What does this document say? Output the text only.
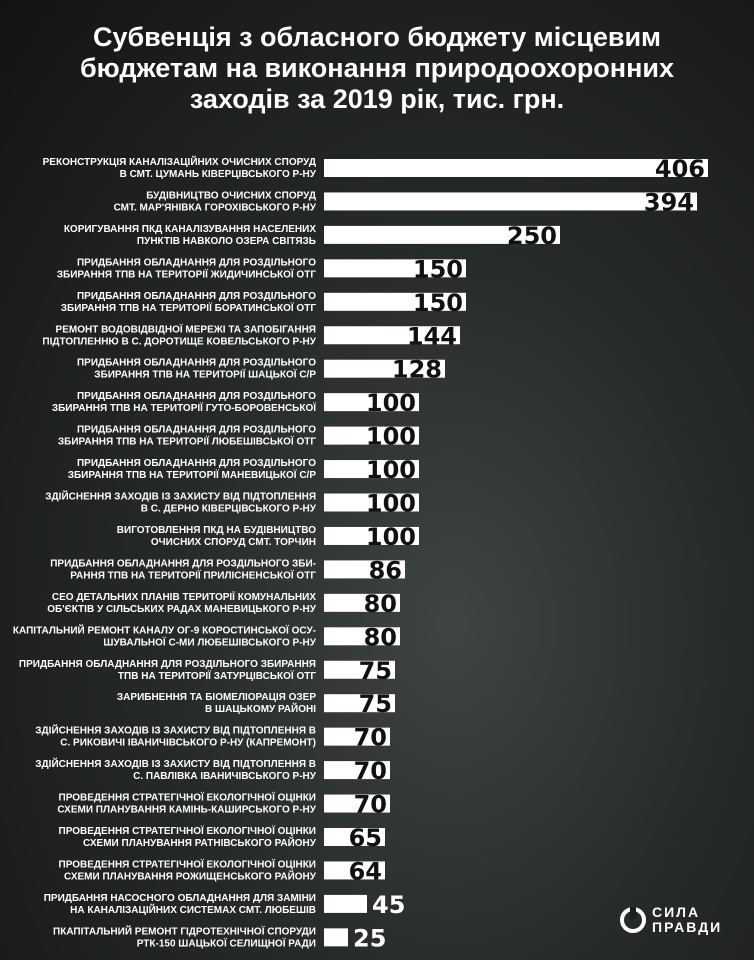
Субвенція з обласного бюджету місцевим
бюджетам на виконання природоохоронних
заходів за 2019 рік, тис. грн.
РЕКОНСТРУКЦІЯ КАНАЛІЗАЦІЙНИХ ОЧИСНИХ СПОРУД
В СМТ. ЦУМАНЬ КІВЕРЦІВСЬКОГО Р-НУ	406
БУДІВНИЦТВО ОЧИСНИХ СПОРУД
СМТ. МАР'ЯНІВКА ГОРОХІВСЬКОГО Р-НУ	394
КОРИГУВАННЯ ПКД КАНАЛІЗУВАННЯ НАСЕЛЕНИХ
ПУНКТІВ НАВКОЛО ОЗЕРА СВІТЯЗЬ	250
ПРИДБАННЯ ОБЛАДНАННЯ ДЛЯ РОЗДІЛЬНОГО
ЗБИРАННЯ ТПВ НА ТЕРИТОРІЇ ЖИДИЧИНСЬКОЇ ОТГ	150
ПРИДБАННЯ ОБЛАДНАННЯ ДЛЯ РОЗДІЛЬНОГО
ЗБИРАННЯ ТПВ НА ТЕРИТОРІЇ БОРАТИНСЬКОЇ ОТГ	150
РЕМОНТ ВОДОВІДВІДНОЇ МЕРЕЖІ ТА ЗАПОБІГАННЯ
ПІДТОПЛЕННЮ В С. ДОРОТИЩЕ КОВЕЛЬСЬКОГО Р-НУ	144
ПРИДБАННЯ ОБЛАДНАННЯ ДЛЯ РОЗДІЛЬНОГО
ЗБИРАННЯ ТПВ НА ТЕРИТОРІЇ ШАЦЬКОЇ С/Р	128
ПРИДБАННЯ ОБЛАДНАННЯ ДЛЯ РОЗДІЛЬНОГО
ЗБИРАННЯ ТПВ НА ТЕРИТОРІЇ ГУТО-БОРОВЕНСЬКОЇ 100
ПРИДБАННЯ ОБЛАДНАННЯ ДЛЯ РОЗДІЛЬНОГО
ЗБИРАННЯ ТПВ НА ТЕРИТОРІЇ ЛЮБЕШІВСЬКОЇ ОТГ 100
ПРИДБАННЯ ОБЛАДНАННЯ ДЛЯ РОЗДІЛЬНОГО
ЗБИРАННЯ ТПВ НА ТЕРИТОРІЇ МАНЕВИЦЬКОЇ С/Р 100
ЗДІЙСНЕННЯ ЗАХОДІВ ІЗ ЗАХИСТУ ВІД ПІДТОПЛЕННЯ
В С. ДЕРНО КІВЕРЦІВСЬКОГО Р-НУ 100
ВИГОТОВЛЕННЯ ПКД НА БУДІВНИЦТВО
ОЧИСНИХ СПОРУД СМТ. ТОРЧИН 100
ПРИДБАННЯ ОБЛАДНАННЯ ДЛЯ РОЗДІЛЬНОГО ЗБИ-
РАННЯ ТПВ НА ТЕРИТОРІЇ ПРИЛІСНЕНСЬКОЇ ОТГ 86
СЕО ДЕТАЛЬНИХ ПЛАНІВ ТЕРИТОРІЇ КОМУНАЛЬНИХ
ОБ'ЄКТІВ У СІЛЬСЬКИХ РАДАХ МАНЕВИЦЬКОГО Р-НУ 80
КАПІТАЛЬНИЙ РЕМОНТ КАНАЛУ ОГ-9 КОРОСТИНСЬКОЇ ОСУ-
ШУВАЛЬНОЇ С-МИ ЛЮБЕШІВСЬКОГО Р-НУ 80
ПРИДБАННЯ ОБЛАДНАННЯ ДЛЯ РОЗДІЛЬНОГО ЗБИРАННЯ
ТПВ НА ТЕРИТОРІЇ ЗАТУРЦІВСЬКОЇ ОТГ 75
ЗАРИБНЕННЯ ТА БІОМЕЛІОРАЦІЯ ОЗЕР
В ШАЦЬКОМУ РАЙОНІ 75
ЗДІЙСНЕННЯ ЗАХОДІВ ІЗ ЗАХИСТУ ВІД ПІДТОПЛЕННЯ В
С. РИКОВИЧІ ІВАНИЧІВСЬКОГО Р-НУ (КАПРЕМОНТ) 70
ЗДІЙСНЕННЯ ЗАХОДІВ ІЗ ЗАХИСТУ ВІД ПІДТОПЛЕННЯ В
С. ПАВЛІВКА ІВАНИЧІВСЬКОГО Р-НУ 70
ПРОВЕДЕННЯ СТРАТЕГІЧНОЇ ЕКОЛОГІЧНОЇ ОЦІНКИ
СХЕМИ ПЛАНУВАННЯ КАМІНЬ-КАШИРСЬКОГО Р-НУ 70
ПРОВЕДЕННЯ СТРАТЕГІЧНОЇ ЕКОЛОГІЧНОЇ ОЦІНКИ
СХЕМИ ПЛАНУВАННЯ РАТНІВСЬКОГО РАЙОНУ 65
ПРОВЕДЕННЯ СТРАТЕГІЧНОЇ ЕКОЛОГІЧНОЇ ОЦІНКИ
СХЕМИ ПЛАНУВАННЯ РОЖИЩЕНСЬКОГО РАЙОНУ 64
ПРИДБАННЯ НАСОСНОГО ОБЛАДНАННЯ ДЛЯ ЗАМІНИ
НА КАНАЛІЗАЦІЙНИХ СИСТЕМАХ СМТ. ЛЮБЕШІВ 45
ПКАПІТАЛЬНИЙ РЕМОНТ ГІДРОТЕХНІЧНОЇ СПОРУДИ
РТК-150 ШАЦЬКОЇ СЕЛИЩНОЇ РАДИ 25
СИЛА
ПРАВДИ
